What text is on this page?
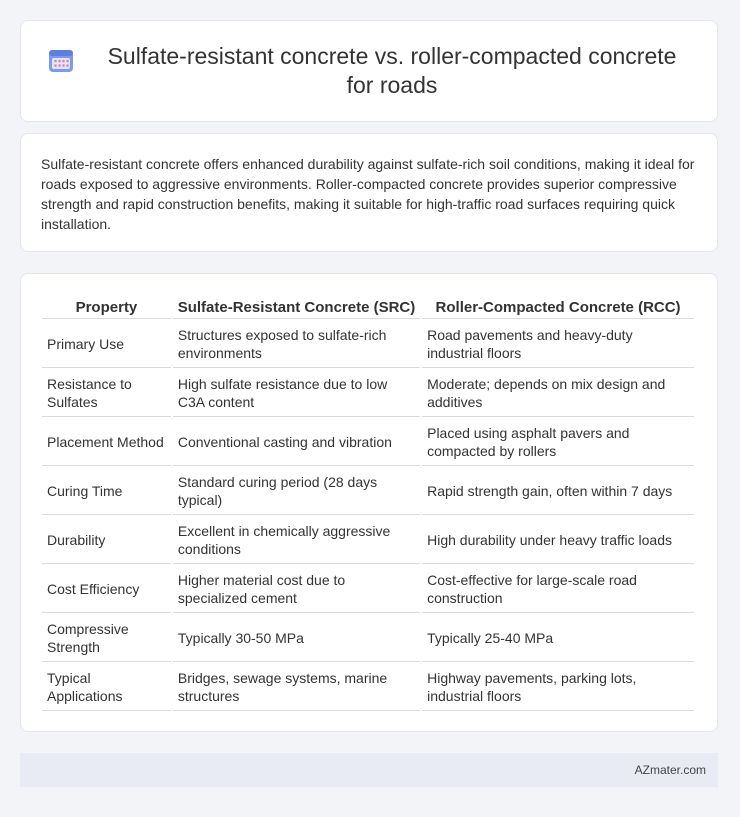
Sulfate-resistant concrete vs. roller-compacted concrete for roads

Sulfate-resistant concrete offers enhanced durability against sulfate-rich soil conditions, making it ideal for roads exposed to aggressive environments. Roller-compacted concrete provides superior compressive strength and rapid construction benefits, making it suitable for high-traffic road surfaces requiring quick installation.

Property	Sulfate-Resistant Concrete (SRC)	Roller-Compacted Concrete (RCC)
Primary Use	Structures exposed to sulfate-rich environments	Road pavements and heavy-duty industrial floors
Resistance to Sulfates	High sulfate resistance due to low C3A content	Moderate; depends on mix design and additives
Placement Method	Conventional casting and vibration	Placed using asphalt pavers and compacted by rollers
Curing Time	Standard curing period (28 days typical)	Rapid strength gain, often within 7 days
Durability	Excellent in chemically aggressive conditions	High durability under heavy traffic loads
Cost Efficiency	Higher material cost due to specialized cement	Cost-effective for large-scale road construction
Compressive Strength	Typically 30-50 MPa	Typically 25-40 MPa
Typical Applications	Bridges, sewage systems, marine structures	Highway pavements, parking lots, industrial floors
AZmater.com
